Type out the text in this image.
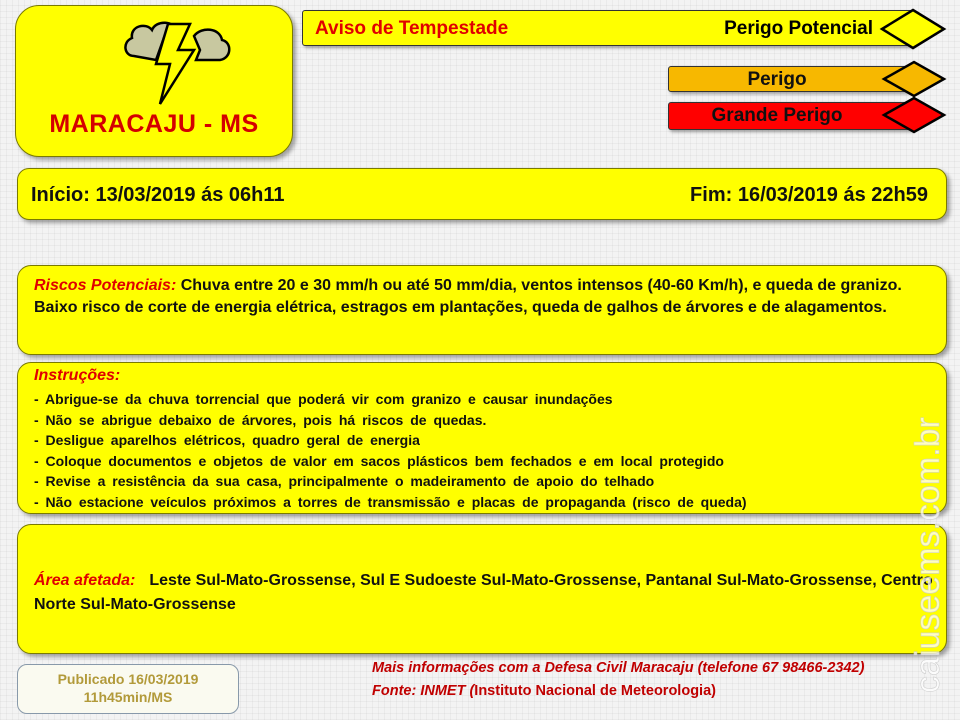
MARACAJU - MS
Aviso de Tempestade	Perigo Potencial
Perigo
Grande Perigo
Início: 13/03/2019 ás 06h11	Fim: 16/03/2019 ás 22h59
Riscos Potenciais: Chuva entre 20 e 30 mm/h ou até 50 mm/dia, ventos intensos (40-60 Km/h), e queda de granizo. Baixo risco de corte de energia elétrica, estragos em plantações, queda de galhos de árvores e de alagamentos.
Instruções:
- Abrigue-se da chuva torrencial que poderá vir com granizo e causar inundações
- Não se abrigue debaixo de árvores, pois há riscos de quedas.
- Desligue aparelhos elétricos, quadro geral de energia
- Coloque documentos e objetos de valor em sacos plásticos bem fechados e em local protegido
- Revise a resistência da sua casa, principalmente o madeiramento de apoio do telhado
- Não estacione veículos próximos a torres de transmissão e placas de propaganda (risco de queda)
Área afetada: Leste Sul-Mato-Grossense, Sul E Sudoeste Sul-Mato-Grossense, Pantanal Sul-Mato-Grossense, Centro Norte Sul-Mato-Grossense
Publicado 16/03/2019
11h45min/MS
Mais informações com a Defesa Civil Maracaju (telefone 67 98466-2342)
Fonte: INMET (Instituto Nacional de Meteorologia)	caiuseems.com.br
